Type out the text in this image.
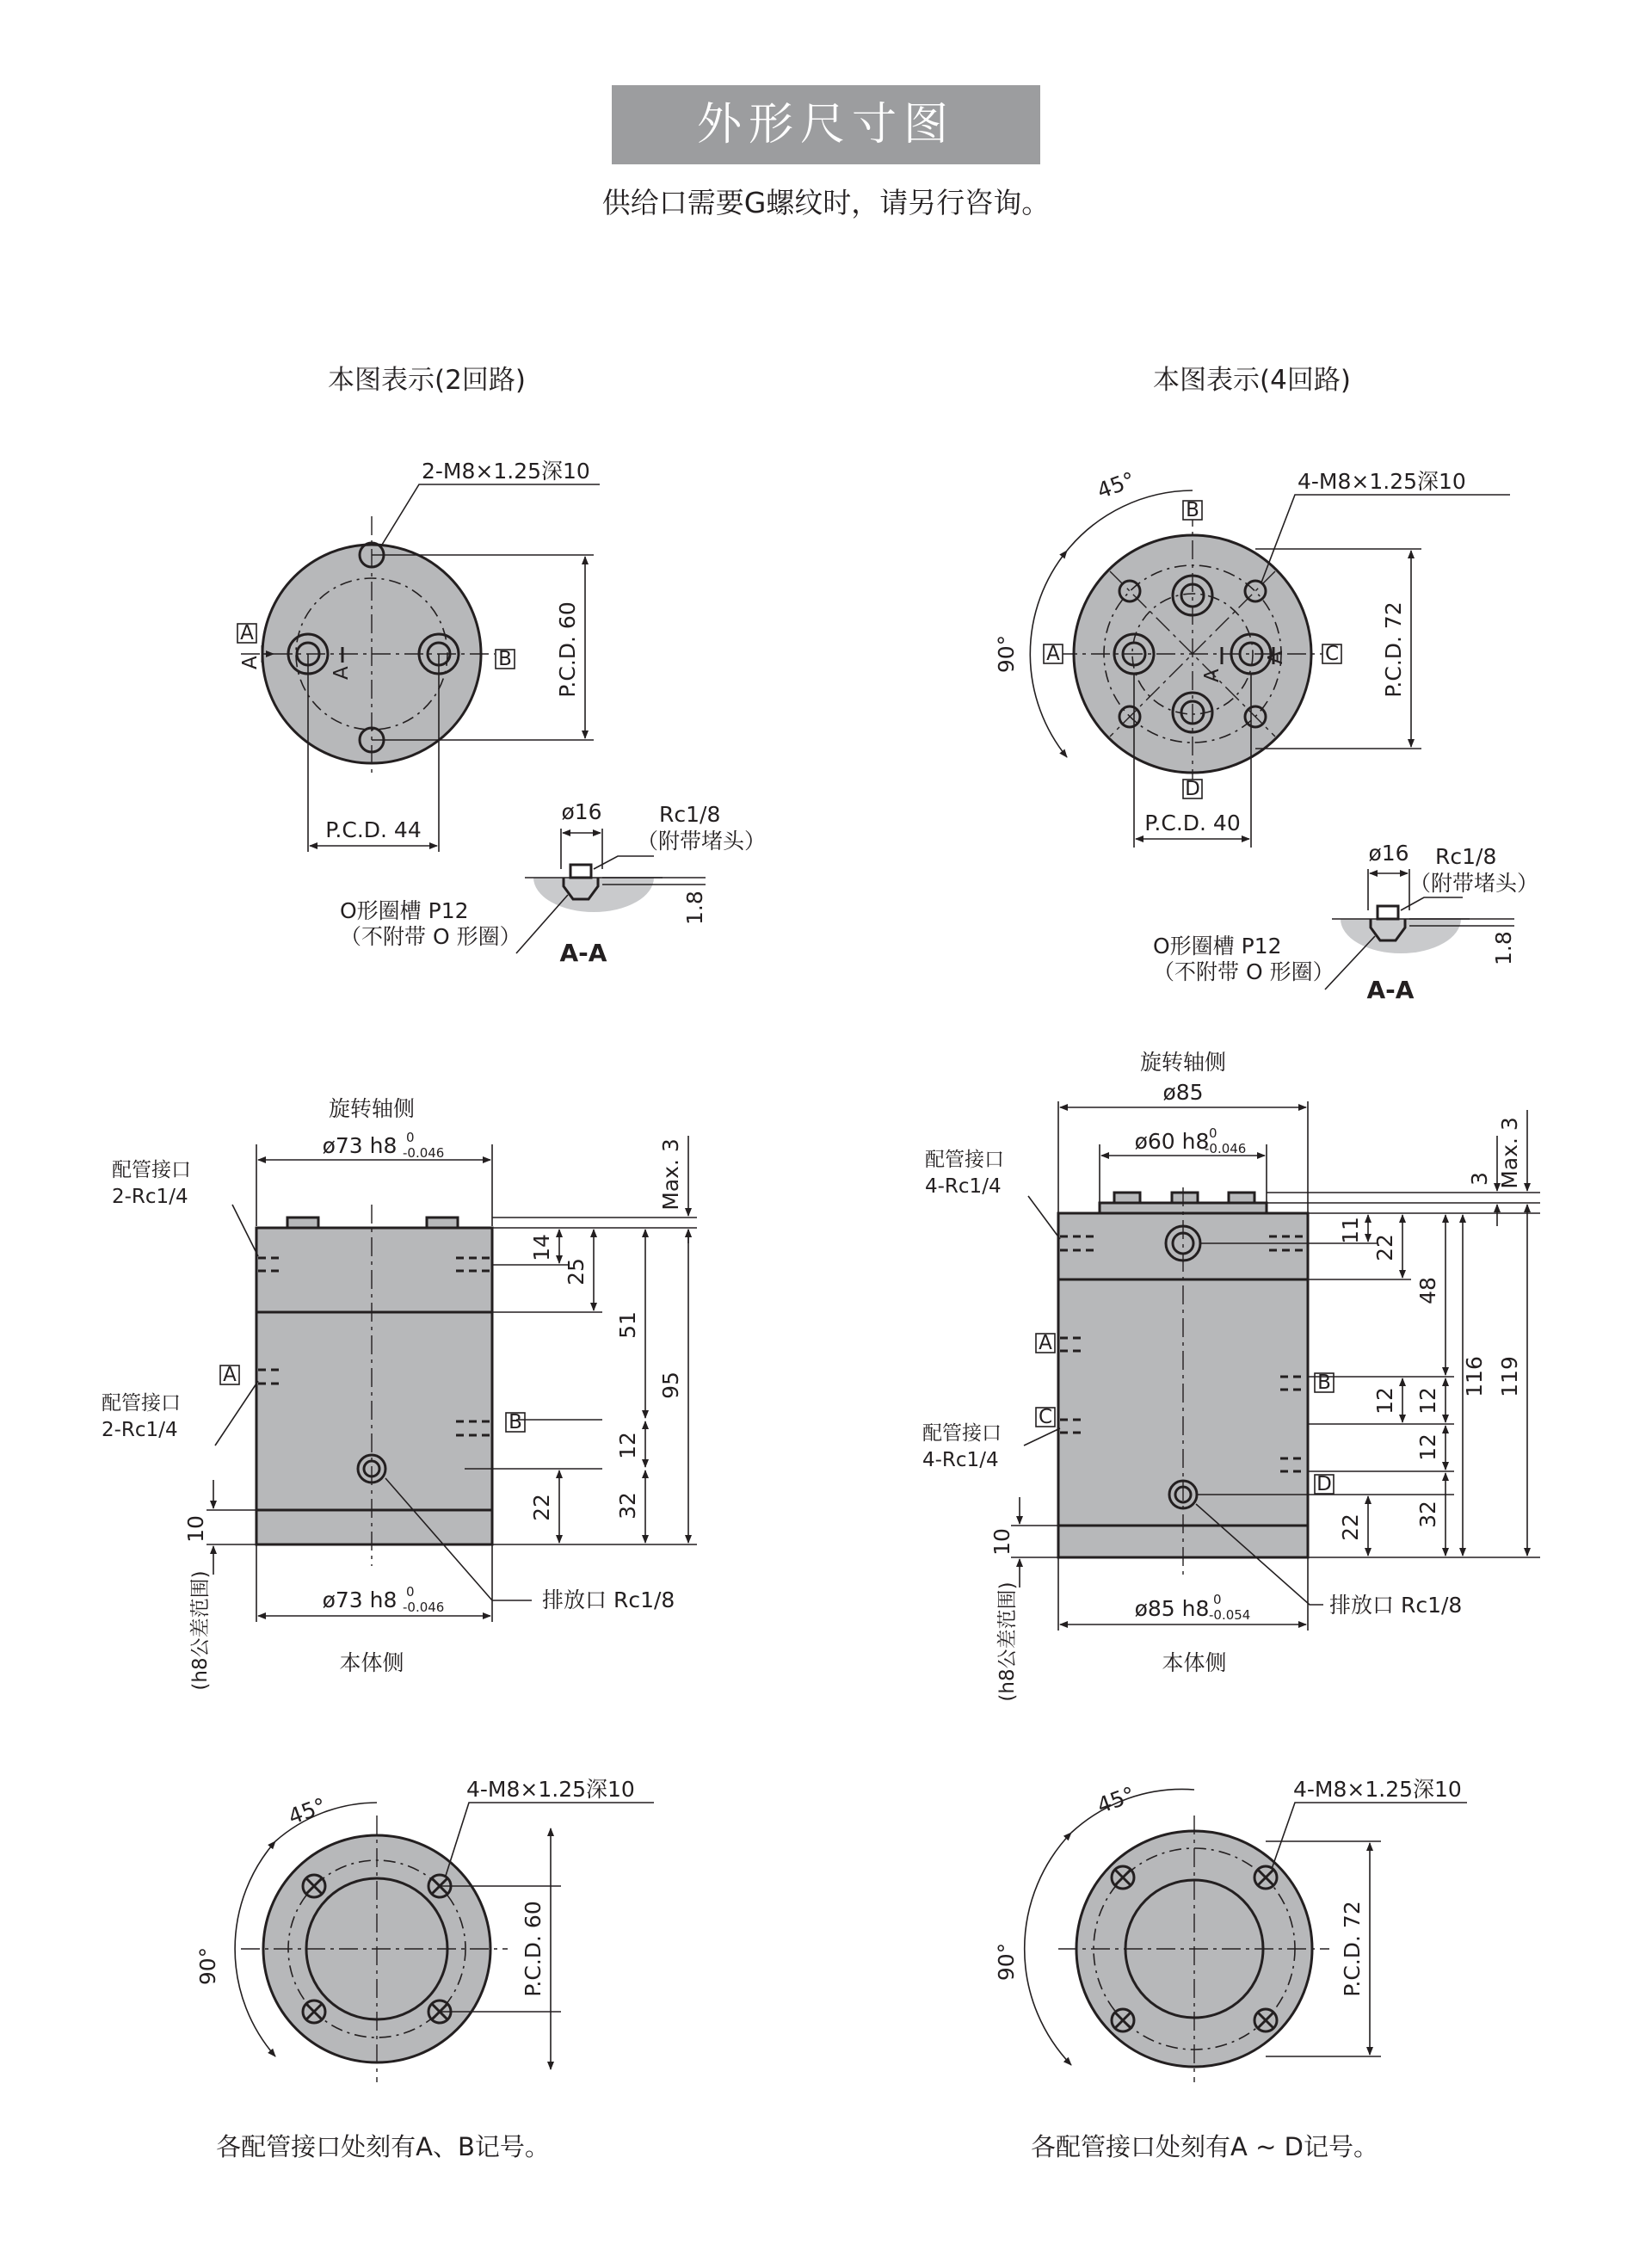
外形尺寸图
供给口需要G螺纹时，请另行咨询。
本图表示(2回路)	本图表示(4回路)
2-M8×1.25深10
P.C.D. 60
P.C.D. 44
A
B
A
A
ø16	Rc1/8
（附带堵头）
1.8
O形圈槽 P12
（不附带 O 形圈）
A-A
旋转轴侧
ø73 h8 0
-0.046
配管接口
2-Rc1/4
配管接口
2-Rc1/4
A
B
Max. 3
14
25
51
95
12
32
22
10
(h8公差范围)	ø73 h8 0
-0.046
本体侧
排放口 Rc1/8
45°
90°
4-M8×1.25深10
P.C.D. 60
各配管接口处刻有A、B记号。
B
D
A	C
A
A
45°
90°
4-M8×1.25深10
P.C.D. 72
P.C.D. 40
ø16 Rc1/8
（附带堵头）
1.8
O形圈槽 P12
（不附带 O 形圈）
A-A
旋转轴侧
ø85
ø60 h8 0
-0.046
A
C
B
D
配管接口
4-Rc1/4
配管接口
4-Rc1/4
3 Max. 3
11
22
48
12
12
32
12
116 119
22
10
(h8公差范围)	ø85 h8 0
-0.054
本体侧
排放口 Rc1/8
45°
90°
4-M8×1.25深10
P.C.D. 72
各配管接口处刻有A ~ D记号。
